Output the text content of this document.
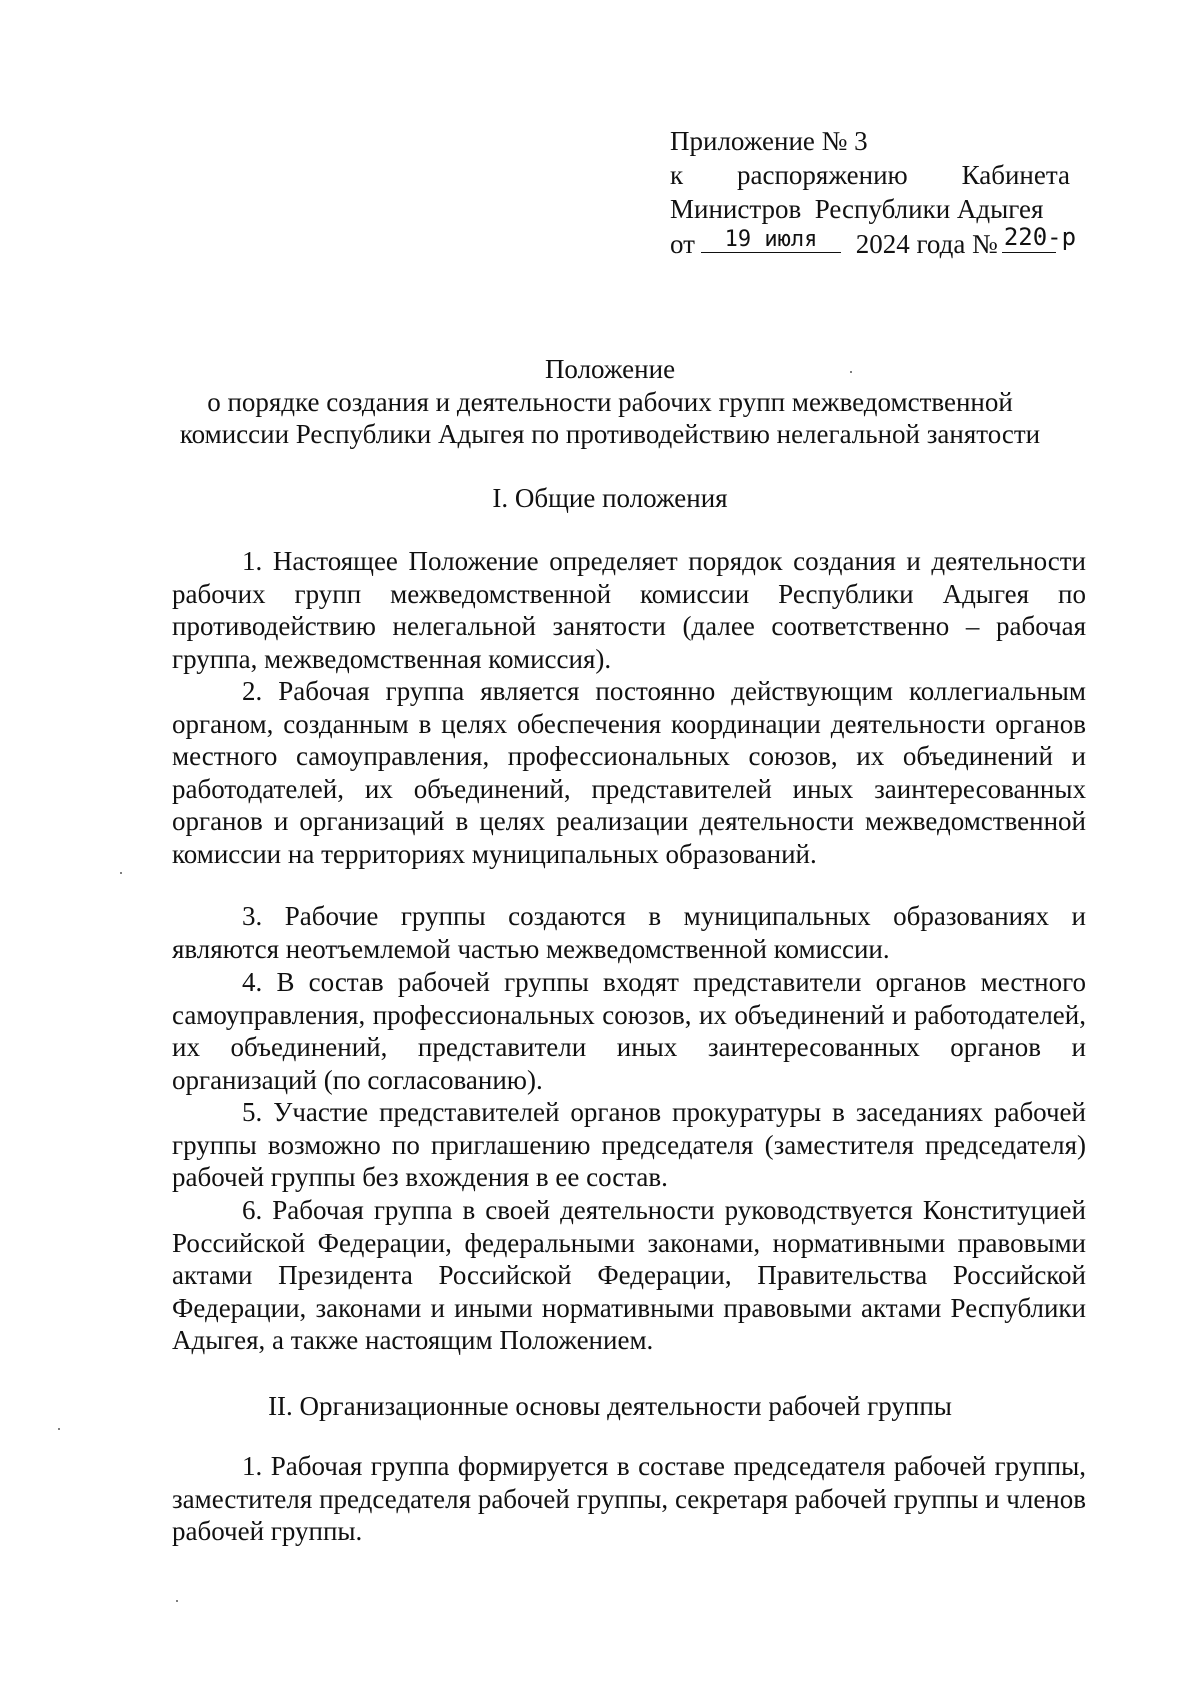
Приложение № 3
к распоряжению Кабинета
Министров  Республики Адыгея
от	19 июля	2024 года № 220-р
Положение
о порядке создания и деятельности рабочих групп межведомственной
комиссии Республики Адыгея по противодействию нелегальной занятости
I. Общие положения

1. Настоящее Положение определяет порядок создания и деятельности рабочих групп межведомственной комиссии Республики Адыгея по противодействию нелегальной занятости (далее соответственно – рабочая группа, межведомственная комиссия).

2. Рабочая группа является постоянно действующим коллегиальным органом, созданным в целях обеспечения координации деятельности органов местного самоуправления, профессиональных союзов, их объединений и работодателей, их объединений, представителей иных заинтересованных органов и организаций в целях реализации деятельности межведомственной комиссии на территориях муниципальных образований.

3. Рабочие группы создаются в муниципальных образованиях и являются неотъемлемой частью межведомственной комиссии.

4. В состав рабочей группы входят представители органов местного самоуправления, профессиональных союзов, их объединений и работодателей, их объединений, представители иных заинтересованных органов и организаций (по согласованию).

5. Участие представителей органов прокуратуры в заседаниях рабочей группы возможно по приглашению председателя (заместителя председателя) рабочей группы без вхождения в ее состав.

6. Рабочая группа в своей деятельности руководствуется Конституцией Российской Федерации, федеральными законами, нормативными правовыми актами Президента Российской Федерации, Правительства Российской Федерации, законами и иными нормативными правовыми актами Республики Адыгея, а также настоящим Положением.

II. Организационные основы деятельности рабочей группы

1. Рабочая группа формируется в составе председателя рабочей группы, заместителя председателя рабочей группы, секретаря рабочей группы и членов рабочей группы.
